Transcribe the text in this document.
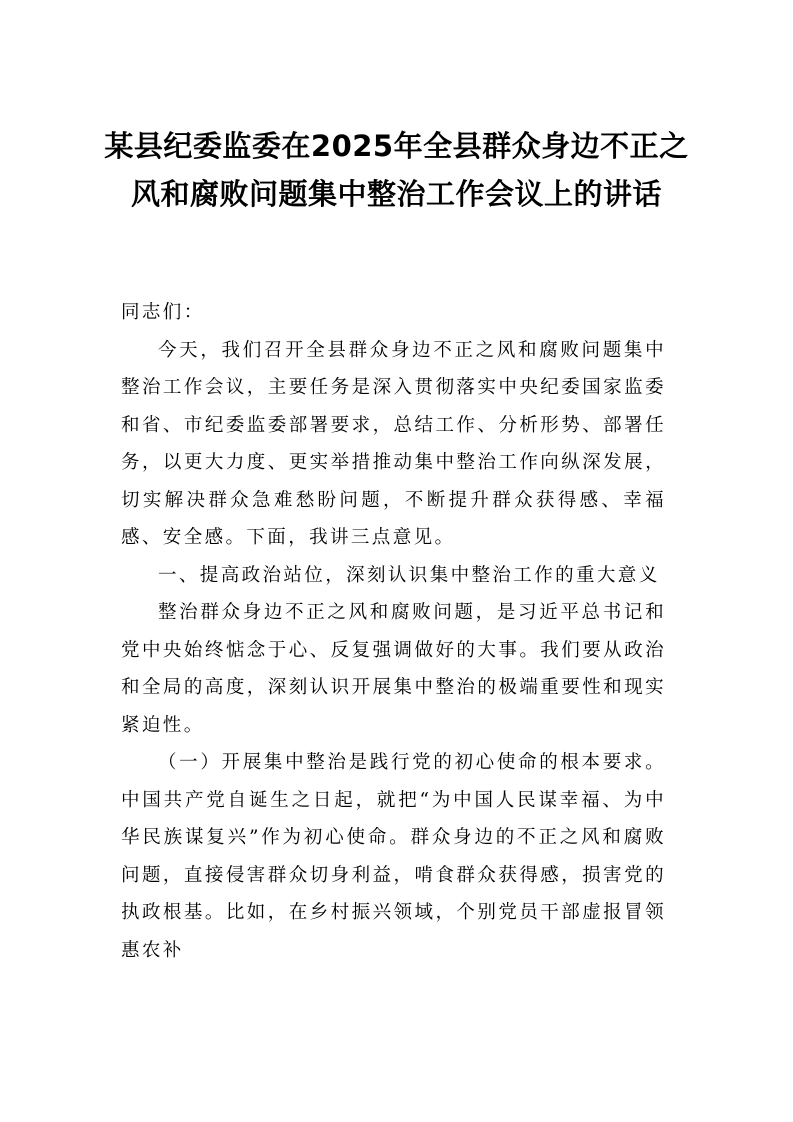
某县纪委监委在2025年全县群众身边不正之风和腐败问题集中整治工作会议上的讲话

同志们：

今天，我们召开全县群众身边不正之风和腐败问题集中整治工作会议，主要任务是深入贯彻落实中央纪委国家监委和省、市纪委监委部署要求，总结工作、分析形势、部署任务，以更大力度、更实举措推动集中整治工作向纵深发展，切实解决群众急难愁盼问题，不断提升群众获得感、幸福感、安全感。下面，我讲三点意见。

一、提高政治站位，深刻认识集中整治工作的重大意义

整治群众身边不正之风和腐败问题，是习近平总书记和党中央始终惦念于心、反复强调做好的大事。我们要从政治和全局的高度，深刻认识开展集中整治的极端重要性和现实紧迫性。

（一）开展集中整治是践行党的初心使命的根本要求。中国共产党自诞生之日起，就把“为中国人民谋幸福、为中华民族谋复兴”作为初心使命。群众身边的不正之风和腐败问题，直接侵害群众切身利益，啃食群众获得感，损害党的执政根基。比如，在乡村振兴领域，个别党员干部虚报冒领惠农补
